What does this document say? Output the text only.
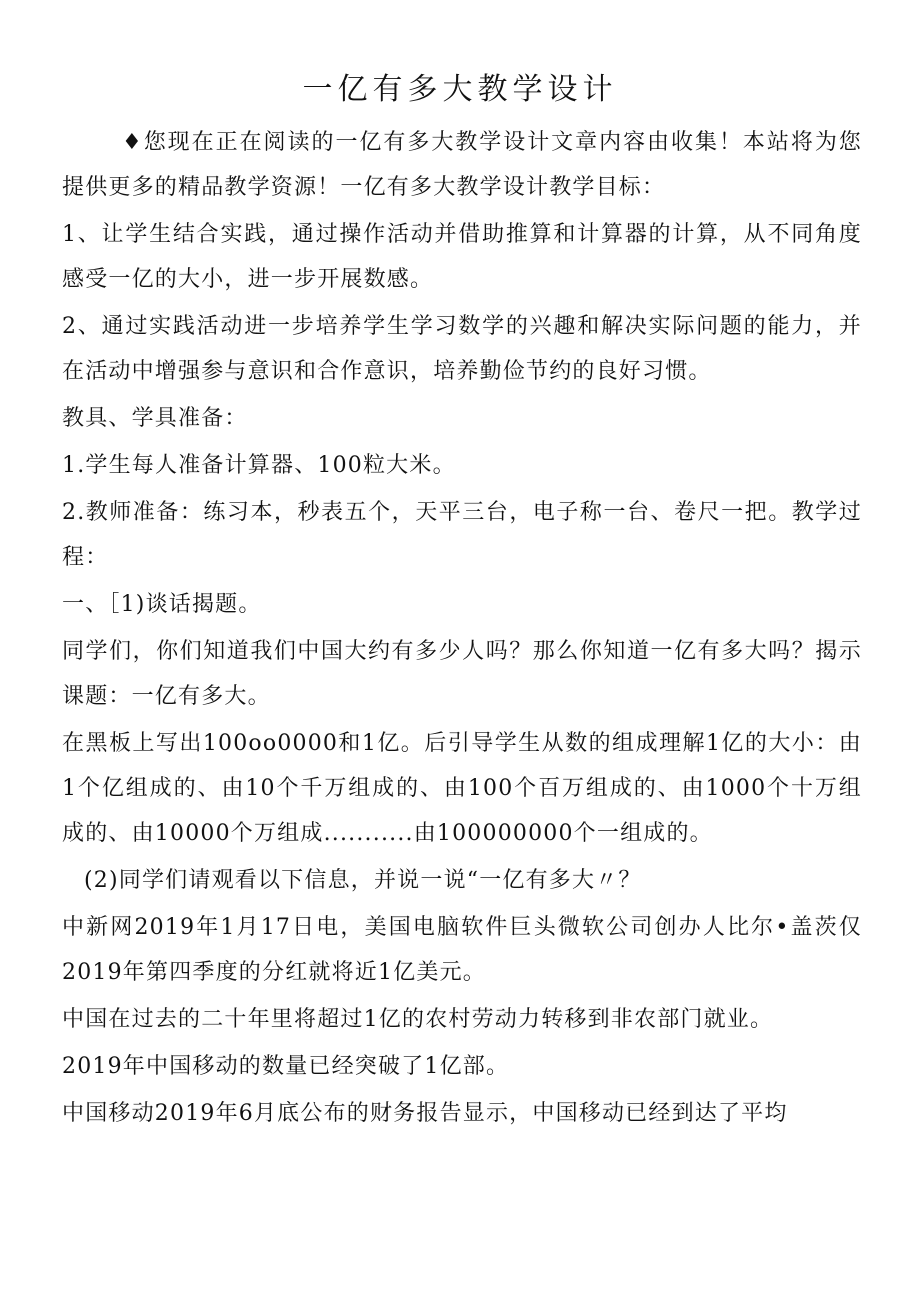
一亿有多大教学设计

♦您现在正在阅读的一亿有多大教学设计文章内容由收集！本站将为您提供更多的精品教学资源！一亿有多大教学设计教学目标：

1、让学生结合实践，通过操作活动并借助推算和计算器的计算，从不同角度感受一亿的大小，进一步开展数感。

2、通过实践活动进一步培养学生学习数学的兴趣和解决实际问题的能力，并在活动中增强参与意识和合作意识，培养勤俭节约的良好习惯。

教具、学具准备：

1.学生每人准备计算器、100粒大米。

2.教师准备：练习本，秒表五个，天平三台，电子称一台、卷尺一把。教学过程：

一、［1)谈话揭题。

同学们，你们知道我们中国大约有多少人吗？那么你知道一亿有多大吗？揭示课题：一亿有多大。

在黑板上写出100oo0000和1亿。后引导学生从数的组成理解1亿的大小：由1个亿组成的、由10个千万组成的、由100个百万组成的、由1000个十万组成的、由10000个万组成...........由100000000个一组成的。

(2)同学们请观看以下信息，并说一说“一亿有多大〃？

中新网2019年1月17日电，美国电脑软件巨头微软公司创办人比尔•盖茨仅2019年第四季度的分红就将近1亿美元。

中国在过去的二十年里将超过1亿的农村劳动力转移到非农部门就业。

2019年中国移动的数量已经突破了1亿部。

中国移动2019年6月底公布的财务报告显示，中国移动已经到达了平均
